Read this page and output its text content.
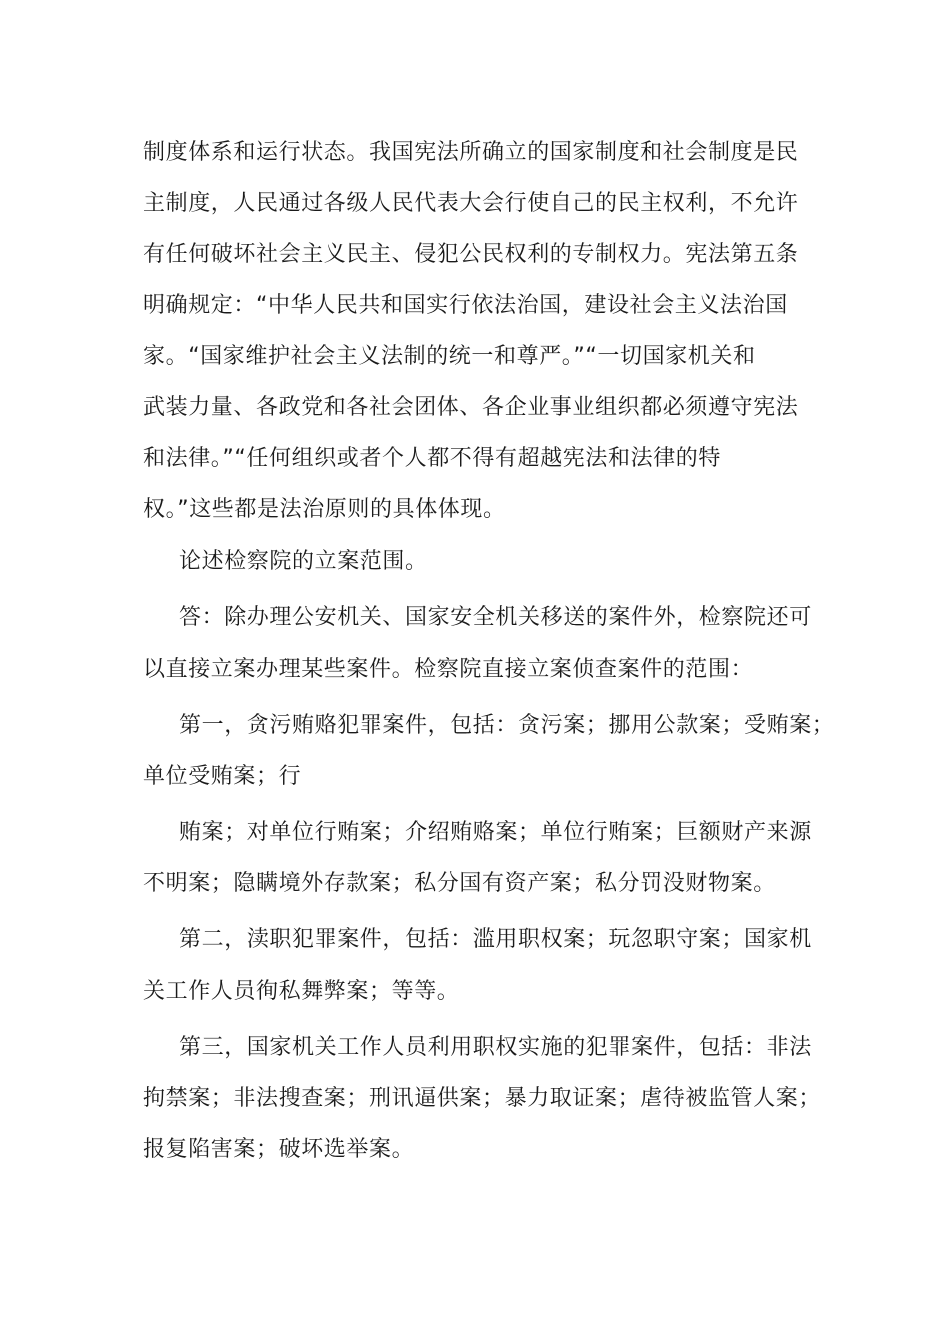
制度体系和运行状态。我国宪法所确立的国家制度和社会制度是民
主制度，人民通过各级人民代表大会行使自己的民主权利，不允许
有任何破坏社会主义民主、侵犯公民权利的专制权力。宪法第五条
明确规定：“中华人民共和国实行依法治国，建设社会主义法治国
家。“国家维护社会主义法制的统一和尊严。”“一切国家机关和
武装力量、各政党和各社会团体、各企业事业组织都必须遵守宪法
和法律。”“任何组织或者个人都不得有超越宪法和法律的特
权。”这些都是法治原则的具体体现。
论述检察院的立案范围。
答：除办理公安机关、国家安全机关移送的案件外，检察院还可
以直接立案办理某些案件。检察院直接立案侦查案件的范围：
第一，贪污贿赂犯罪案件，包括：贪污案；挪用公款案；受贿案；
单位受贿案；行
贿案；对单位行贿案；介绍贿赂案；单位行贿案；巨额财产来源
不明案；隐瞒境外存款案；私分国有资产案；私分罚没财物案。
第二，渎职犯罪案件，包括：滥用职权案；玩忽职守案；国家机
关工作人员徇私舞弊案；等等。
第三，国家机关工作人员利用职权实施的犯罪案件，包括：非法
拘禁案；非法搜查案；刑讯逼供案；暴力取证案；虐待被监管人案；
报复陷害案；破坏选举案。
